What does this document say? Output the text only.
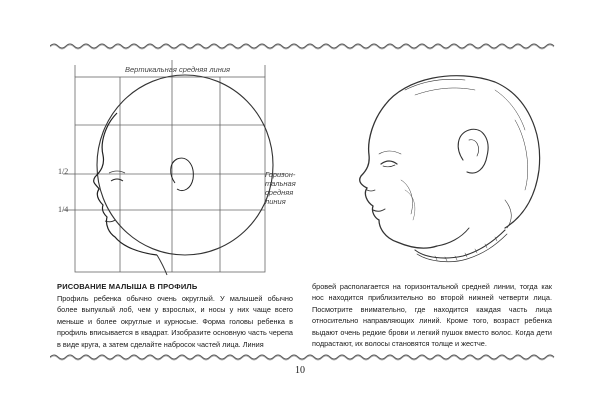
Вертикальная средняя линия
Горизон-
тальная
средняя
линия
1/2
1/4
РИСОВАНИЕ МАЛЫША В ПРОФИЛЬ

Профиль ребенка обычно очень округлый. У малышей обычно более выпуклый лоб, чем у взрослых, и носы у них чаще всего меньше и более округлые и курносые. Форма головы ребенка в профиль вписывается в квадрат. Изобразите основную часть черепа в виде круга, а затем сделайте набросок частей лица. Линия

бровей располагается на горизонтальной средней линии, тогда как нос находится приблизительно во второй нижней четверти лица. Посмотрите внимательно, где находится каждая часть лица относительно направляющих линий. Кроме того, возраст ребенка выдают очень редкие брови и легкий пушок вместо волос. Когда дети подрастают, их волосы становятся толще и жестче.

10
